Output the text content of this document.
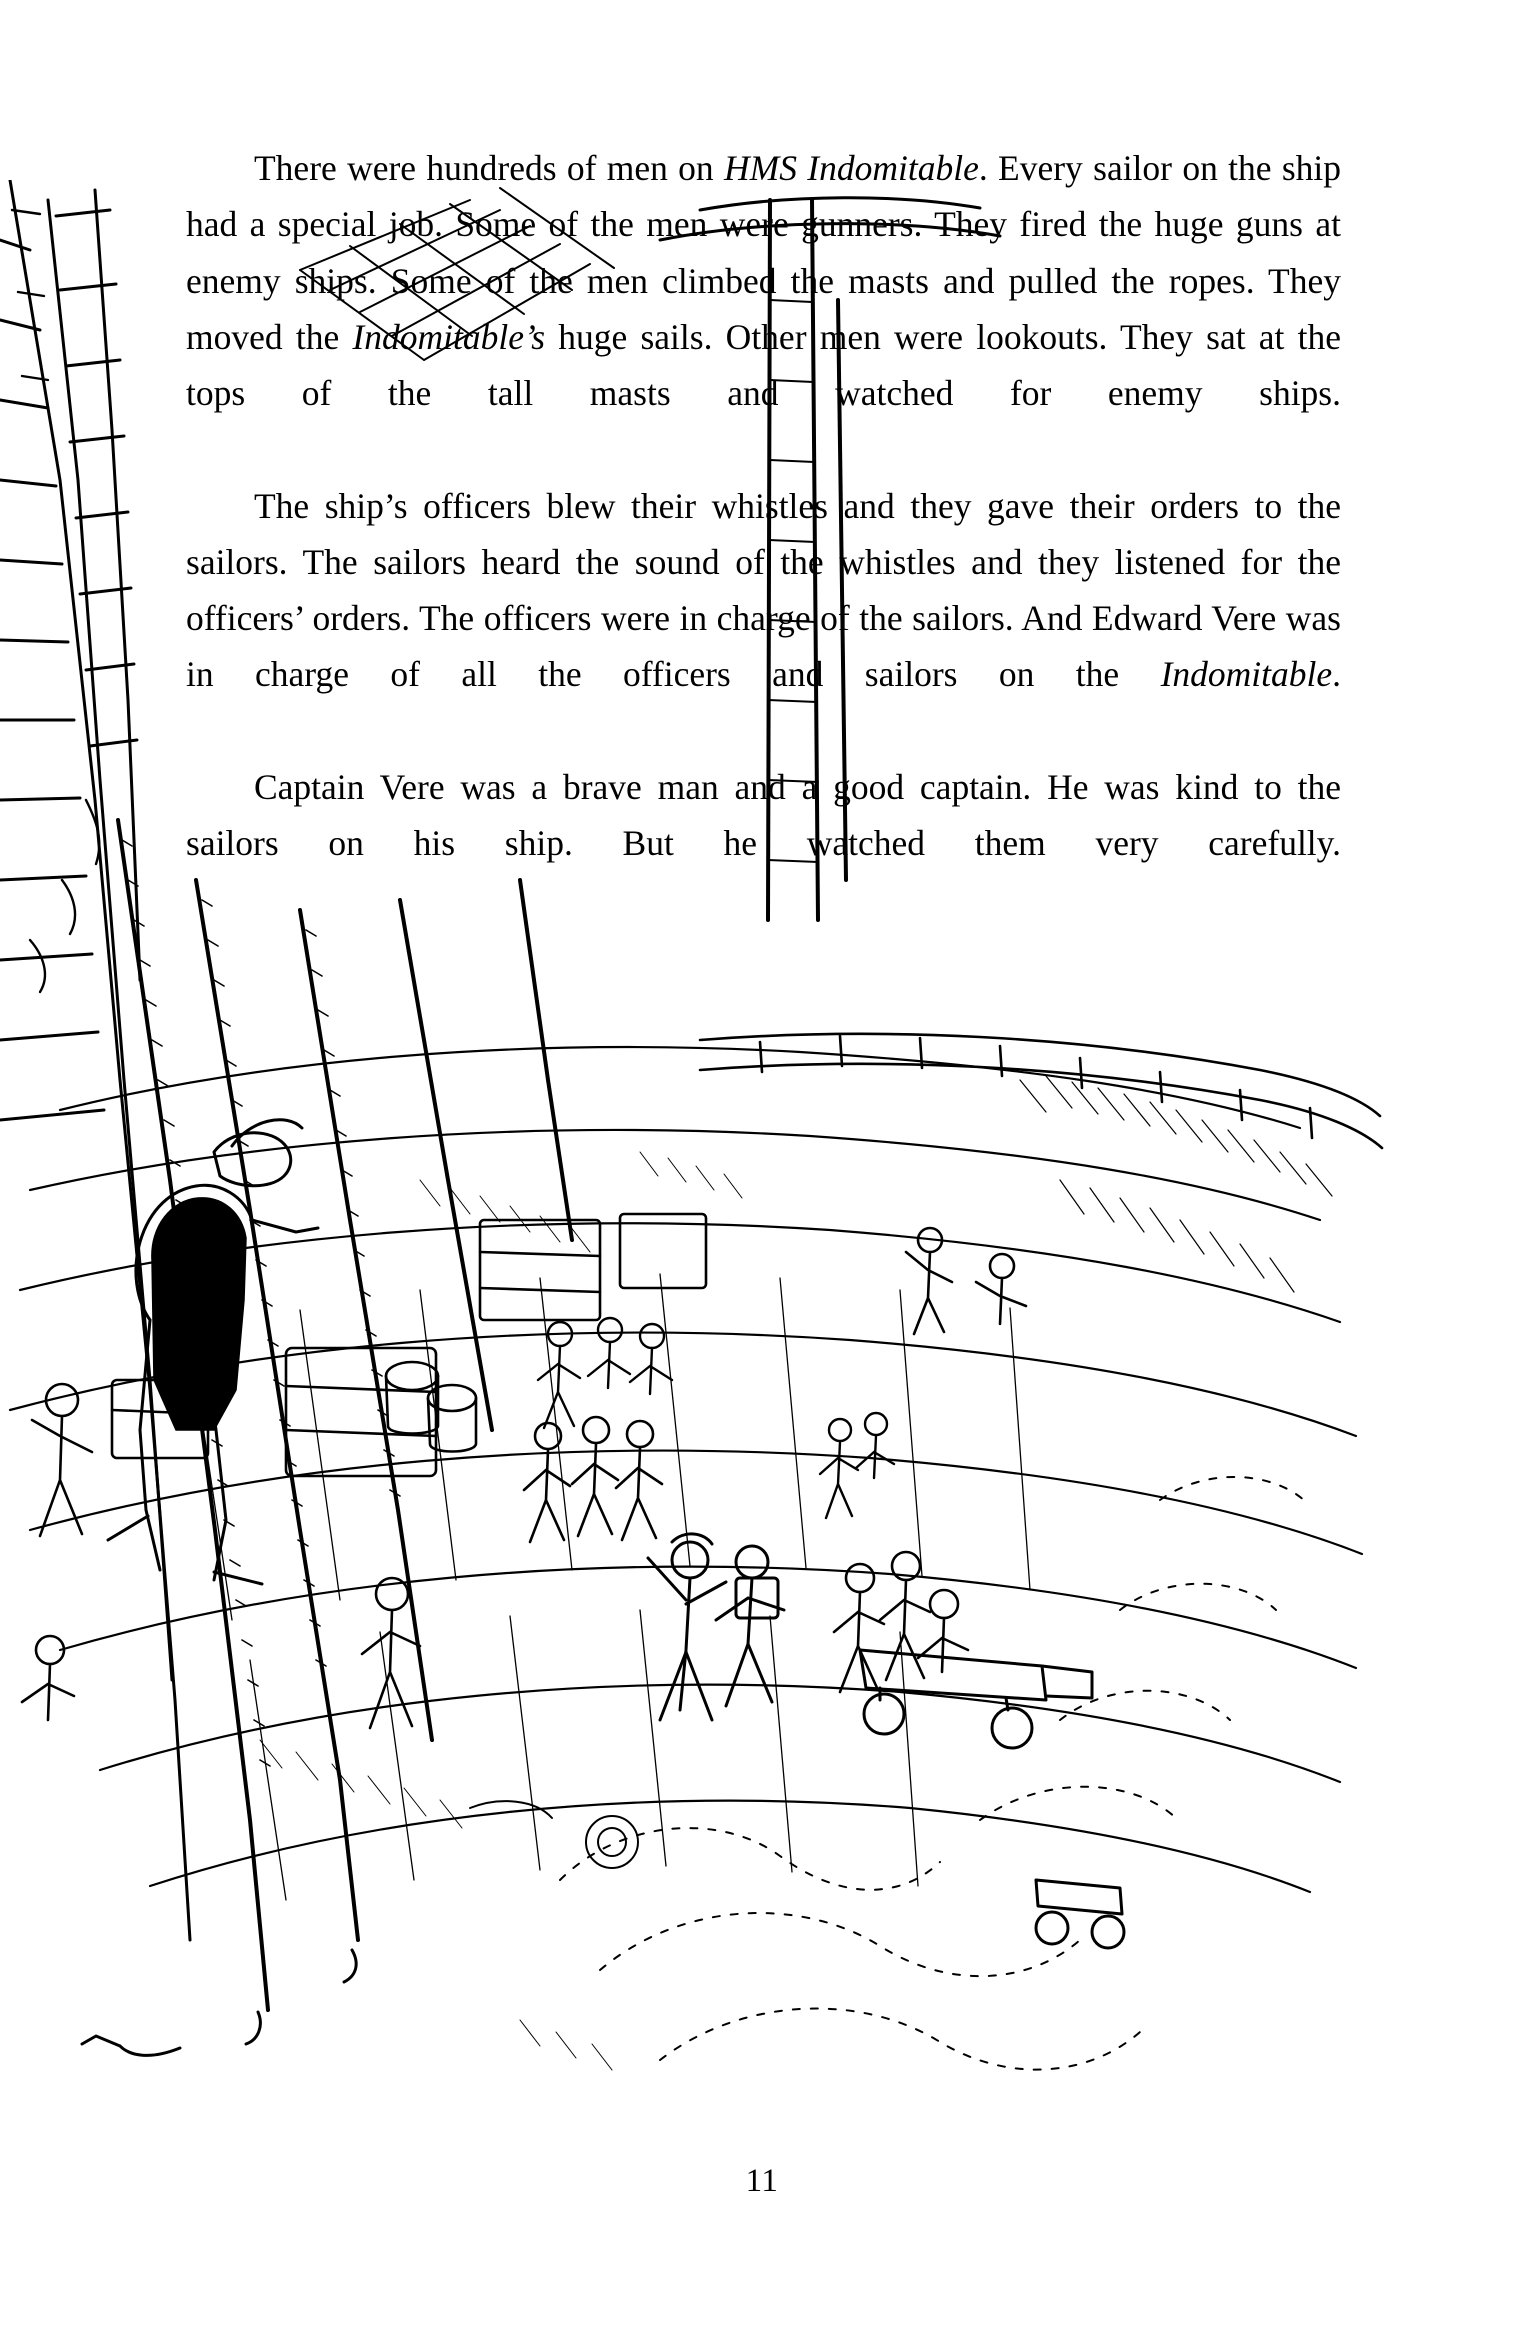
There were hundreds of men on HMS Indomitable. Every sailor on the ship had a special job. Some of the men were gunners. They fired the huge guns at enemy ships. Some of the men climbed the masts and pulled the ropes. They moved the Indomitable’s huge sails. Other men were lookouts. They sat at the tops of the tall masts and watched for enemy ships.

The ship’s officers blew their whistles and they gave their orders to the sailors. The sailors heard the sound of the whistles and they listened for the officers’ orders. The officers were in charge of the sailors. And Edward Vere was in charge of all the officers and sailors on the Indomitable.

Captain Vere was a brave man and a good captain. He was kind to the sailors on his ship. But he watched them very carefully.

11
